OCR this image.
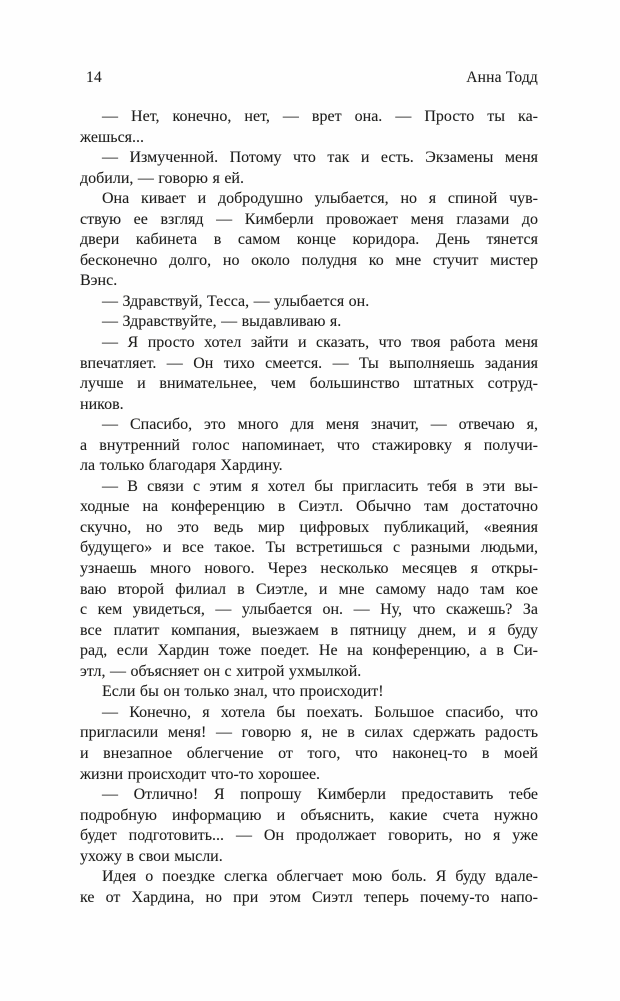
14	Анна Тодд
— Нет, конечно, нет, — врет она. — Просто ты ка-
жешься...
— Измученной. Потому что так и есть. Экзамены меня
добили, — говорю я ей.
Она кивает и добродушно улыбается, но я спиной чув-
ствую ее взгляд — Кимберли провожает меня глазами до
двери кабинета в самом конце коридора. День тянется
бесконечно долго, но около полудня ко мне стучит мистер
Вэнс.
— Здравствуй, Тесса, — улыбается он.
— Здравствуйте, — выдавливаю я.
— Я просто хотел зайти и сказать, что твоя работа меня
впечатляет. — Он тихо смеется. — Ты выполняешь задания
лучше и внимательнее, чем большинство штатных сотруд-
ников.
— Спасибо, это много для меня значит, — отвечаю я,
а внутренний голос напоминает, что стажировку я получи-
ла только благодаря Хардину.
— В связи с этим я хотел бы пригласить тебя в эти вы-
ходные на конференцию в Сиэтл. Обычно там достаточно
скучно, но это ведь мир цифровых публикаций, «веяния
будущего» и все такое. Ты встретишься с разными людьми,
узнаешь много нового. Через несколько месяцев я откры-
ваю второй филиал в Сиэтле, и мне самому надо там кое
с кем увидеться, — улыбается он. — Ну, что скажешь? За
все платит компания, выезжаем в пятницу днем, и я буду
рад, если Хардин тоже поедет. Не на конференцию, а в Си-
этл, — объясняет он с хитрой ухмылкой.
Если бы он только знал, что происходит!
— Конечно, я хотела бы поехать. Большое спасибо, что
пригласили меня! — говорю я, не в силах сдержать радость
и внезапное облегчение от того, что наконец-то в моей
жизни происходит что-то хорошее.
— Отлично! Я попрошу Кимберли предоставить тебе
подробную информацию и объяснить, какие счета нужно
будет подготовить... — Он продолжает говорить, но я уже
ухожу в свои мысли.
Идея о поездке слегка облегчает мою боль. Я буду вдале-
ке от Хардина, но при этом Сиэтл теперь почему-то напо-
